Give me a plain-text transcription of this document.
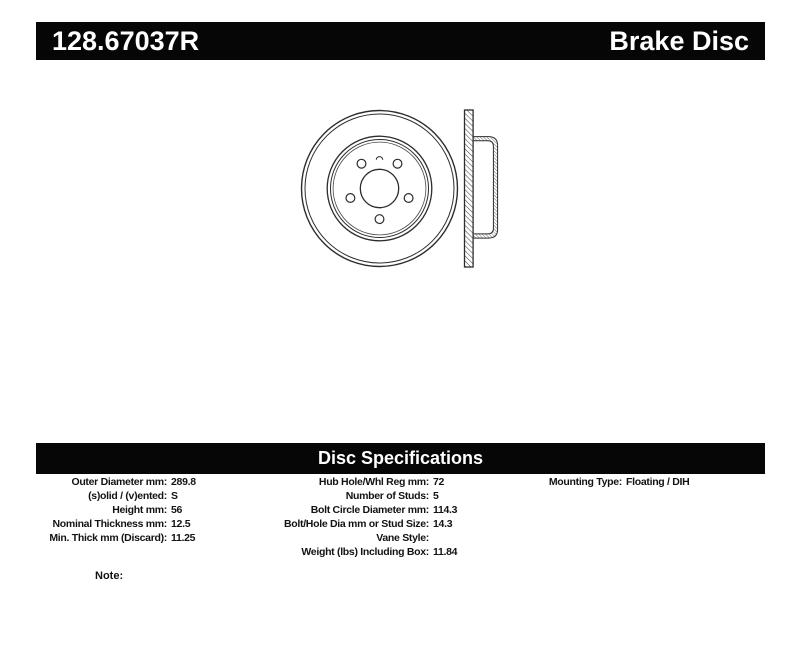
128.67037R	Brake Disc
Disc Specifications
Outer Diameter mm: 289.8
(s)olid / (v)ented: S
Height mm: 56
Nominal Thickness mm: 12.5
Min. Thick mm (Discard): 11.25
Hub Hole/Whl Reg mm: 72
Number of Studs: 5
Bolt Circle Diameter mm: 114.3
Bolt/Hole Dia mm or Stud Size: 14.3
Vane Style:
Weight (lbs) Including Box: 11.84
Mounting Type: Floating / DIH
Note:
